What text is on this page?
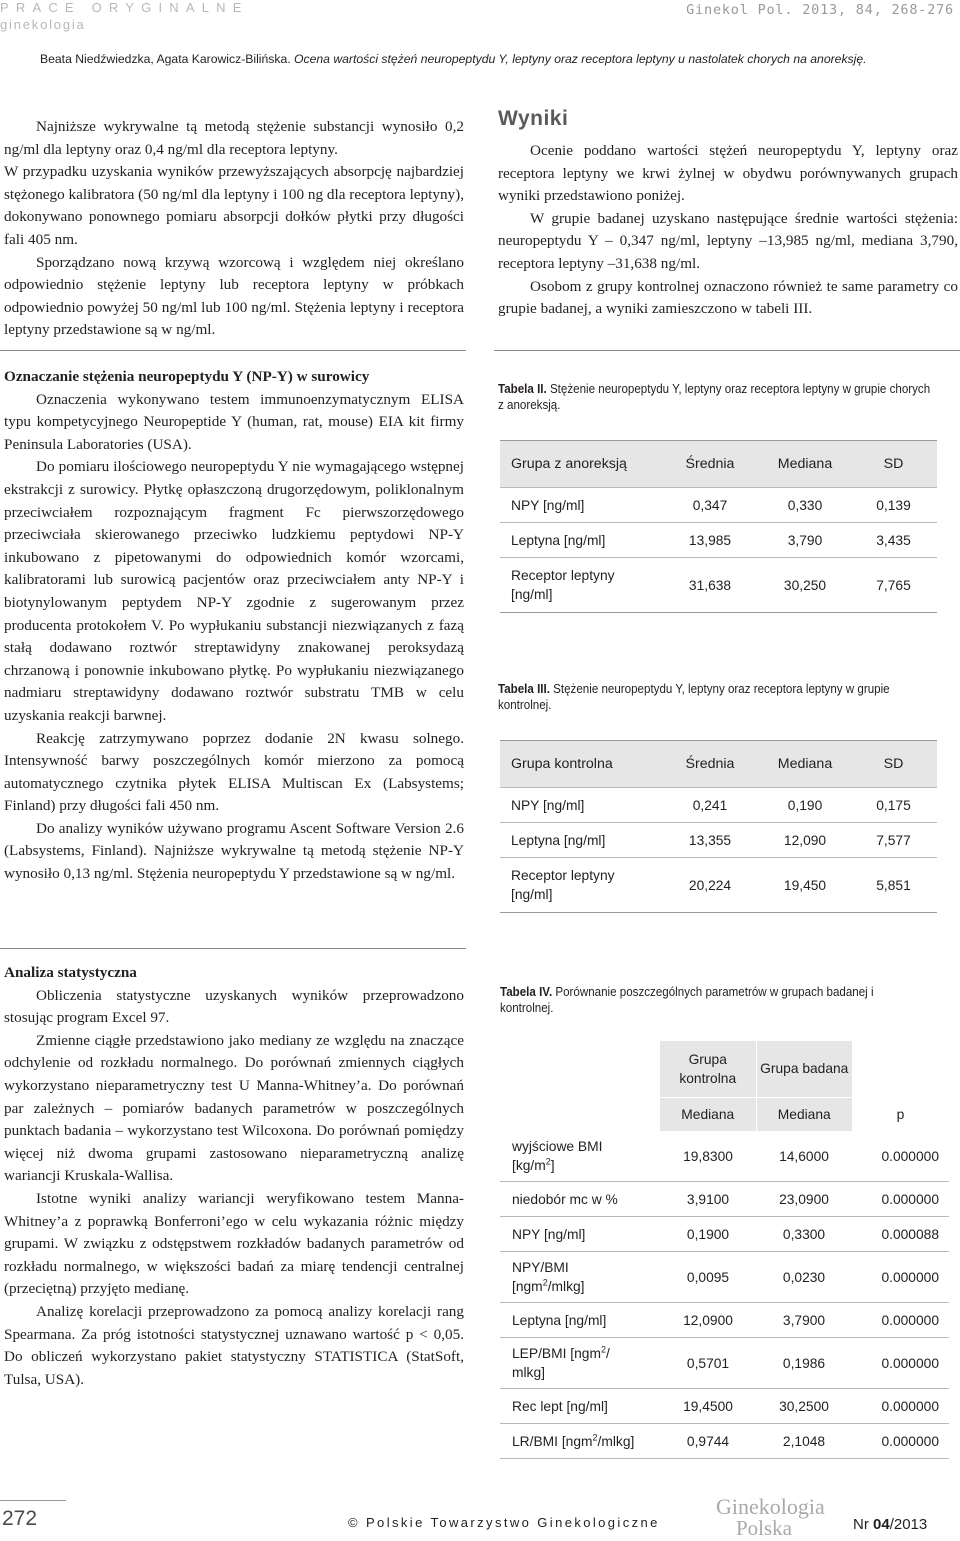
PRACE ORYGINALNE
ginekologia
Ginekol Pol. 2013, 84, 268-276
Beata Niedźwiedzka, Agata Karowicz-Bilińska. Ocena wartości stężeń neuropeptydu Y, leptyny oraz receptora leptyny u nastolatek chorych na anoreksję.

Najniższe wykrywalne tą metodą stężenie substancji wynosiło 0,2 ng/ml dla leptyny oraz 0,4 ng/ml dla receptora leptyny.

W przypadku uzyskania wyników przewyższających absorpcję najbardziej stężonego kalibratora (50 ng/ml dla leptyny i 100 ng dla receptora leptyny), dokonywano ponownego pomiaru absorpcji dołków płytki przy długości fali 405 nm.

Sporządzano nową krzywą wzorcową i względem niej określano odpowiednio stężenie leptyny lub receptora leptyny w próbkach odpowiednio powyżej 50 ng/ml lub 100 ng/ml. Stężenia leptyny i receptora leptyny przedstawione są w ng/ml.

Oznaczanie stężenia neuropeptydu Y (NP-Y) w surowicy

Oznaczenia wykonywano testem immunoenzymatycznym ELISA typu kompetycyjnego Neuropeptide Y (human, rat, mouse) EIA kit firmy Peninsula Laboratories (USA).

Do pomiaru ilościowego neuropeptydu Y nie wymagającego wstępnej ekstrakcji z surowicy. Płytkę opłaszczoną drugorzędowym, poliklonalnym przeciwciałem rozpoznającym fragment Fc pierwszorzędowego przeciwciała skierowanego przeciwko ludzkiemu peptydowi NP-Y inkubowano z pipetowanymi do odpowiednich komór wzorcami, kalibratorami lub surowicą pacjentów oraz przeciwciałem anty NP-Y i biotynylowanym peptydem NP-Y zgodnie z sugerowanym przez producenta protokołem V. Po wypłukaniu substancji niezwiązanych z fazą stałą dodawano roztwór streptawidyny znakowanej peroksydazą chrzanową i ponownie inkubowano płytkę. Po wypłukaniu niezwiązanego nadmiaru streptawidyny dodawano roztwór substratu TMB w celu uzyskania reakcji barwnej.

Reakcję zatrzymywano poprzez dodanie 2N kwasu solnego. Intensywność barwy poszczególnych komór mierzono za pomocą automatycznego czytnika płytek ELISA Multiscan Ex (Labsystems; Finland) przy długości fali 450 nm.

Do analizy wyników używano programu Ascent Software Version 2.6 (Labsystems, Finland). Najniższe wykrywalne tą metodą stężenie NP-Y wynosiło 0,13 ng/ml. Stężenia neuropeptydu Y przedstawione są w ng/ml.

Analiza statystyczna

Obliczenia statystyczne uzyskanych wyników przeprowadzono stosując program Excel 97.

Zmienne ciągłe przedstawiono jako mediany ze względu na znaczące odchylenie od rozkładu normalnego. Do porównań zmiennych ciągłych wykorzystano nieparametryczny test U Manna-Whitney’a. Do porównań par zależnych – pomiarów badanych parametrów w poszczególnych punktach badania – wykorzystano test Wilcoxona. Do porównań pomiędzy więcej niż dwoma grupami zastosowano nieparametryczną analizę wariancji Kruskala-Wallisa.

Istotne wyniki analizy wariancji weryfikowano testem Manna-Whitney’a z poprawką Bonferroni’ego w celu wykazania różnic między grupami. W związku z odstępstwem rozkładów badanych parametrów od rozkładu normalnego, w większości badań za miarę tendencji centralnej (przeciętną) przyjęto medianę.

Analizę korelacji przeprowadzono za pomocą analizy korelacji rang Spearmana. Za próg istotności statystycznej uznawano wartość p < 0,05. Do obliczeń wykorzystano pakiet statystyczny STATISTICA (StatSoft, Tulsa, USA).

Wyniki

Ocenie poddano wartości stężeń neuropeptydu Y, leptyny oraz receptora leptyny we krwi żylnej w obydwu porównywanych grupach wyniki przedstawiono poniżej.

W grupie badanej uzyskano następujące średnie wartości stężenia: neuropeptydu Y – 0,347 ng/ml, leptyny –13,985 ng/ml, mediana 3,790, receptora leptyny –31,638 ng/ml.

Osobom z grupy kontrolnej oznaczono również te same parametry co grupie badanej, a wyniki zamieszczono w tabeli III.

Tabela II. Stężenie neuropeptydu Y, leptyny oraz receptora leptyny w grupie chorych z anoreksją.
Grupa z anoreksją	Średnia	Mediana	SD
NPY [ng/ml]	0,347	0,330	0,139
Leptyna [ng/ml]	13,985	3,790	3,435
Receptor leptyny [ng/ml]	31,638	30,250	7,765
Tabela III. Stężenie neuropeptydu Y, leptyny oraz receptora leptyny w grupie kontrolnej.
Grupa kontrolna	Średnia	Mediana	SD
NPY [ng/ml]	0,241	0,190	0,175
Leptyna [ng/ml]	13,355	12,090	7,577
Receptor leptyny [ng/ml]	20,224	19,450	5,851
Tabela IV. Porównanie poszczególnych parametrów w grupach badanej i kontrolnej.
	Grupa kontrolna	Grupa badana	
	Mediana	Mediana	p
wyjściowe BMI $[kg/m^2]$	19,8300	14,6000	0.000000
niedobór mc w %	3,9100	23,0900	0.000000
NPY [ng/ml]	0,1900	0,3300	0.000088
NPY/BMI [ngm$^2$/mlkg]	0,0095	0,0230	0.000000
Leptyna [ng/ml]	12,0900	3,7900	0.000000
LEP/BMI [ngm$^2$/ mlkg]	0,5701	0,1986	0.000000
Rec lept [ng/ml]	19,4500	30,2500	0.000000
LR/BMI [ngm$^2$/mlkg]	0,9744	2,1048	0.000000
272	© Polskie Towarzystwo Ginekologiczne
Ginekologia
Polska	Nr 04/2013
